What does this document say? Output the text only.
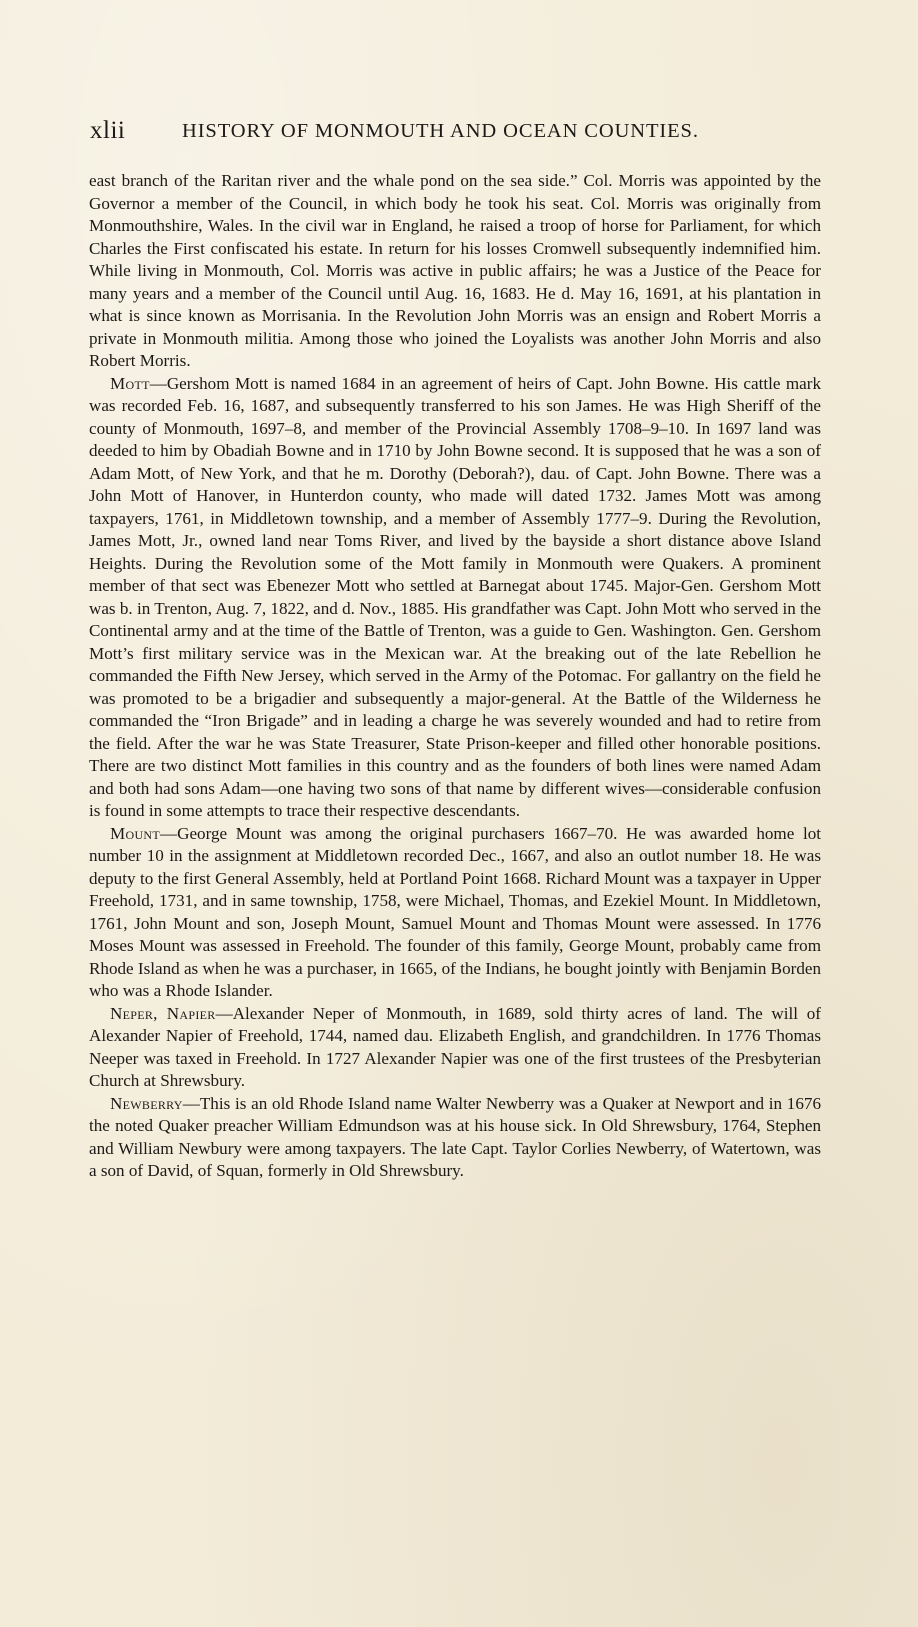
xlii	HISTORY OF MONMOUTH AND OCEAN COUNTIES.

east branch of the Raritan river and the whale pond on the sea side.” Col. Morris was appointed by the Governor a member of the Council, in which body he took his seat. Col. Morris was originally from Monmouthshire, Wales. In the civil war in England, he raised a troop of horse for Parliament, for which Charles the First confiscated his estate. In return for his losses Cromwell subsequently indemnified him. While living in Monmouth, Col. Morris was active in public affairs; he was a Justice of the Peace for many years and a member of the Council until Aug. 16, 1683. He d. May 16, 1691, at his plantation in what is since known as Morrisania. In the Revolution John Morris was an ensign and Robert Morris a private in Monmouth militia. Among those who joined the Loyalists was another John Morris and also Robert Morris.

Mott—Gershom Mott is named 1684 in an agreement of heirs of Capt. John Bowne. His cattle mark was recorded Feb. 16, 1687, and subsequently transferred to his son James. He was High Sheriff of the county of Monmouth, 1697–8, and member of the Provincial Assembly 1708–9–10. In 1697 land was deeded to him by Obadiah Bowne and in 1710 by John Bowne second. It is supposed that he was a son of Adam Mott, of New York, and that he m. Dorothy (Deborah?), dau. of Capt. John Bowne. There was a John Mott of Hanover, in Hunterdon county, who made will dated 1732. James Mott was among taxpayers, 1761, in Middletown township, and a member of Assembly 1777–9. During the Revolution, James Mott, Jr., owned land near Toms River, and lived by the bayside a short distance above Island Heights. During the Revolution some of the Mott family in Monmouth were Quakers. A prominent member of that sect was Ebenezer Mott who settled at Barnegat about 1745. Major-Gen. Gershom Mott was b. in Trenton, Aug. 7, 1822, and d. Nov., 1885. His grandfather was Capt. John Mott who served in the Continental army and at the time of the Battle of Trenton, was a guide to Gen. Washington. Gen. Gershom Mott’s first military service was in the Mexican war. At the breaking out of the late Rebellion he commanded the Fifth New Jersey, which served in the Army of the Potomac. For gallantry on the field he was promoted to be a brigadier and subsequently a major-general. At the Battle of the Wilderness he commanded the “Iron Brigade” and in leading a charge he was severely wounded and had to retire from the field. After the war he was State Treasurer, State Prison-keeper and filled other honorable positions. There are two distinct Mott families in this country and as the founders of both lines were named Adam and both had sons Adam—one having two sons of that name by different wives—considerable confusion is found in some attempts to trace their respective descendants.

Mount—George Mount was among the original purchasers 1667–70. He was awarded home lot number 10 in the assignment at Middletown recorded Dec., 1667, and also an outlot number 18. He was deputy to the first General Assembly, held at Portland Point 1668. Richard Mount was a taxpayer in Upper Freehold, 1731, and in same township, 1758, were Michael, Thomas, and Ezekiel Mount. In Middletown, 1761, John Mount and son, Joseph Mount, Samuel Mount and Thomas Mount were assessed. In 1776 Moses Mount was assessed in Freehold. The founder of this family, George Mount, probably came from Rhode Island as when he was a purchaser, in 1665, of the Indians, he bought jointly with Benjamin Borden who was a Rhode Islander.

Neper, Napier—Alexander Neper of Monmouth, in 1689, sold thirty acres of land. The will of Alexander Napier of Freehold, 1744, named dau. Elizabeth English, and grandchildren. In 1776 Thomas Neeper was taxed in Freehold. In 1727 Alexander Napier was one of the first trustees of the Presbyterian Church at Shrewsbury.

Newberry—This is an old Rhode Island name Walter Newberry was a Quaker at Newport and in 1676 the noted Quaker preacher William Edmundson was at his house sick. In Old Shrewsbury, 1764, Stephen and William Newbury were among taxpayers. The late Capt. Taylor Corlies Newberry, of Watertown, was a son of David, of Squan, formerly in Old Shrewsbury.
